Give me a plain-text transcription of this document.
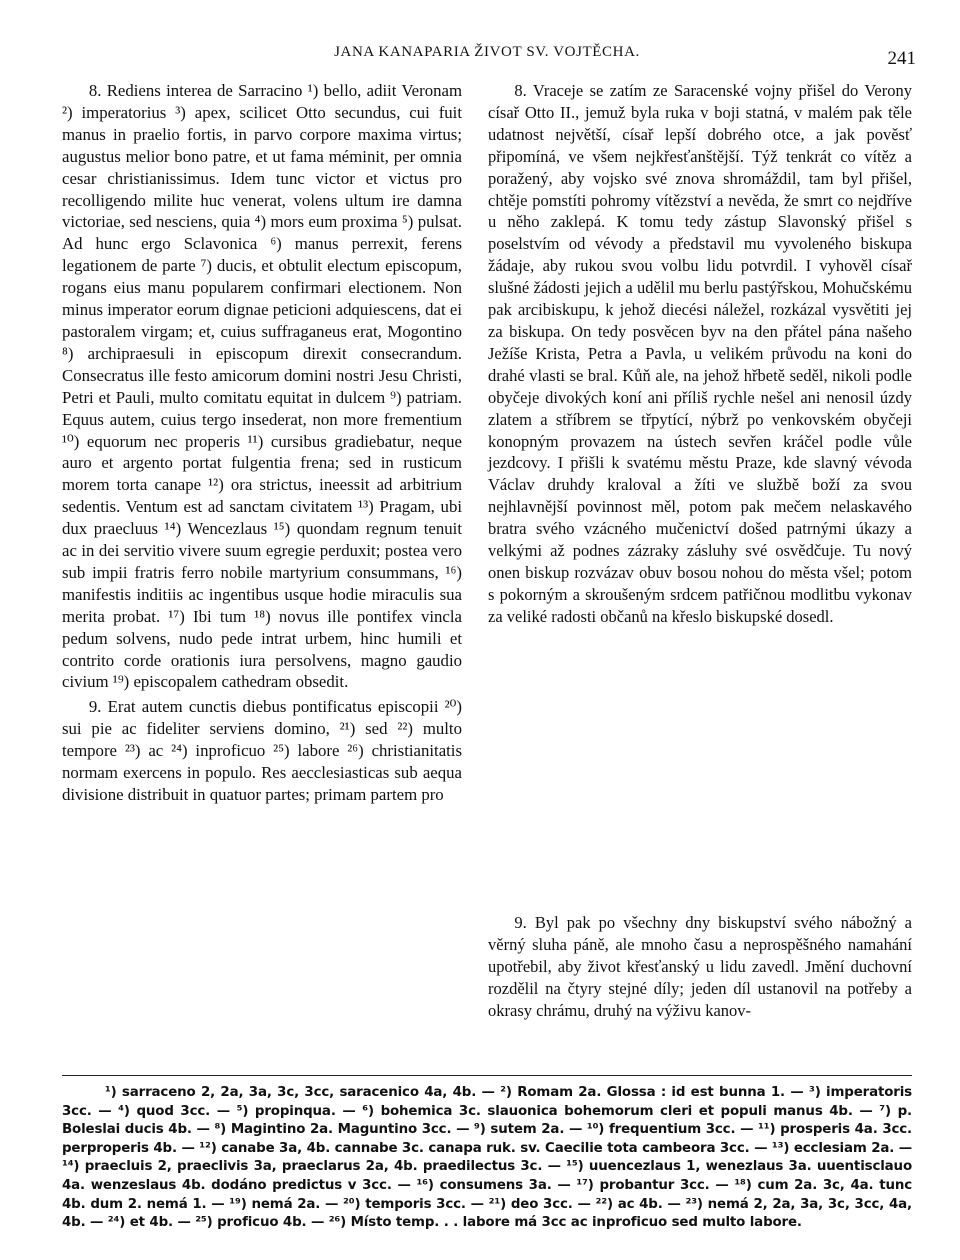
JANA KANAPARIA ŽIVOT SV. VOJTĚCHA.	241

8. Rediens interea de Sarracino ¹) bello, adiit Veronam ²) imperatorius ³) apex, scilicet Otto secundus, cui fuit manus in praelio fortis, in parvo corpore maxima virtus; augustus melior bono patre, et ut fama méminit, per omnia cesar christianissimus. Idem tunc victor et victus pro recolligendo milite huc venerat, volens ultum ire damna victoriae, sed nesciens, quia ⁴) mors eum proxima ⁵) pulsat. Ad hunc ergo Sclavonica ⁶) manus perrexit, ferens legationem de parte ⁷) ducis, et obtulit electum episcopum, rogans eius manu popularem confirmari electionem. Non minus imperator eorum dignae peticioni adquiescens, dat ei pastoralem virgam; et, cuius suffraganeus erat, Mogontino ⁸) archipraesuli in episcopum direxit consecrandum. Consecratus ille festo amicorum domini nostri Jesu Christi, Petri et Pauli, multo comitatu equitat in dulcem ⁹) patriam. Equus autem, cuius tergo insederat, non more frementium ¹⁰) equorum nec properis ¹¹) cursibus gradiebatur, neque auro et argento portat fulgentia frena; sed in rusticum morem torta canape ¹²) ora strictus, ineessit ad arbitrium sedentis. Ventum est ad sanctam civitatem ¹³) Pragam, ubi dux praecluus ¹⁴) Wencezlaus ¹⁵) quondam regnum tenuit ac in dei servitio vivere suum egregie perduxit; postea vero sub impii fratris ferro nobile martyrium consummans, ¹⁶) manifestis inditiis ac ingentibus usque hodie miraculis sua merita probat. ¹⁷) Ibi tum ¹⁸) novus ille pontifex vincla pedum solvens, nudo pede intrat urbem, hinc humili et contrito corde orationis iura persolvens, magno gaudio civium ¹⁹) episcopalem cathedram obsedit.

9. Erat autem cunctis diebus pontificatus episcopii ²⁰) sui pie ac fideliter serviens domino, ²¹) sed ²²) multo tempore ²³) ac ²⁴) inproficuo ²⁵) labore ²⁶) christianitatis normam exercens in populo. Res aecclesiasticas sub aequa divisione distribuit in quatuor partes; primam partem pro

8. Vraceje se zatím ze Saracenské vojny přišel do Verony císař Otto II., jemuž byla ruka v boji statná, v malém pak těle udatnost největší, císař lepší dobrého otce, a jak pověsť připomíná, ve všem nejkřesťanštější. Týž tenkrát co vítěz a poražený, aby vojsko své znova shromáždil, tam byl přišel, chtěje pomstíti pohromy vítězství a nevěda, že smrt co nejdříve u něho zaklepá. K tomu tedy zástup Slavonský přišel s poselstvím od vévody a představil mu vyvoleného biskupa žádaje, aby rukou svou volbu lidu potvrdil. I vyhověl císař slušné žádosti jejich a udělil mu berlu pastýřskou, Mohučskému pak arcibiskupu, k jehož diecési náležel, rozkázal vysvětiti jej za biskupa. On tedy posvěcen byv na den přátel pána našeho Ježíše Krista, Petra a Pavla, u velikém průvodu na koni do drahé vlasti se bral. Kůň ale, na jehož hřbetě seděl, nikoli podle obyčeje divokých koní ani příliš rychle nešel ani nenosil úzdy zlatem a stříbrem se třpytící, nýbrž po venkovském obyčeji konopným provazem na ústech sevřen kráčel podle vůle jezdcovy. I přišli k svatému městu Praze, kde slavný vévoda Václav druhdy kraloval a žíti ve službě boží za svou nejhlavnější povinnost měl, potom pak mečem nelaskavého bratra svého vzácného mučenictví došed patrnými úkazy a velkými až podnes zázraky zásluhy své osvědčuje. Tu nový onen biskup rozvázav obuv bosou nohou do města všel; potom s pokorným a skroušeným srdcem patřičnou modlitbu vykonav za veliké radosti občanů na křeslo biskupské dosedl.

9. Byl pak po všechny dny biskupství svého nábožný a věrný sluha páně, ale mnoho času a neprospěšného namahání upotřebil, aby život křesťanský u lidu zavedl. Jmění duchovní rozdělil na čtyry stejné díly; jeden díl ustanovil na potřeby a okrasy chrámu, druhý na výživu kanov-

¹) sarraceno 2, 2a, 3a, 3c, 3cc, saracenico 4a, 4b. — ²) Romam 2a. Glossa : id est bunna 1. — ³) imperatoris 3cc. — ⁴) quod 3cc. — ⁵) propinqua. — ⁶) bohemica 3c. slauonica bohemorum cleri et populi manus 4b. — ⁷) p. Boleslai ducis 4b. — ⁸) Magintino 2a. Maguntino 3cc. — ⁹) sutem 2a. — ¹⁰) frequentium 3cc. — ¹¹) prosperis 4a. 3cc. perproperis 4b. — ¹²) canabe 3a, 4b. cannabe 3c. canapa ruk. sv. Caecilie tota cambeora 3cc. — ¹³) ecclesiam 2a. — ¹⁴) praecluis 2, praeclivis 3a, praeclarus 2a, 4b. praedilectus 3c. — ¹⁵) uuencezlaus 1, wenezlaus 3a. uuentisclauo 4a. wenzeslaus 4b. dodáno predictus v 3cc. — ¹⁶) consumens 3a. — ¹⁷) probantur 3cc. — ¹⁸) cum 2a. 3c, 4a. tunc 4b. dum 2. nemá 1. — ¹⁹) nemá 2a. — ²⁰) temporis 3cc. — ²¹) deo 3cc. — ²²) ac 4b. — ²³) nemá 2, 2a, 3a, 3c, 3cc, 4a, 4b. — ²⁴) et 4b. — ²⁵) proficuo 4b. — ²⁶) Místo temp. . . labore má 3cc ac inproficuo sed multo labore.
